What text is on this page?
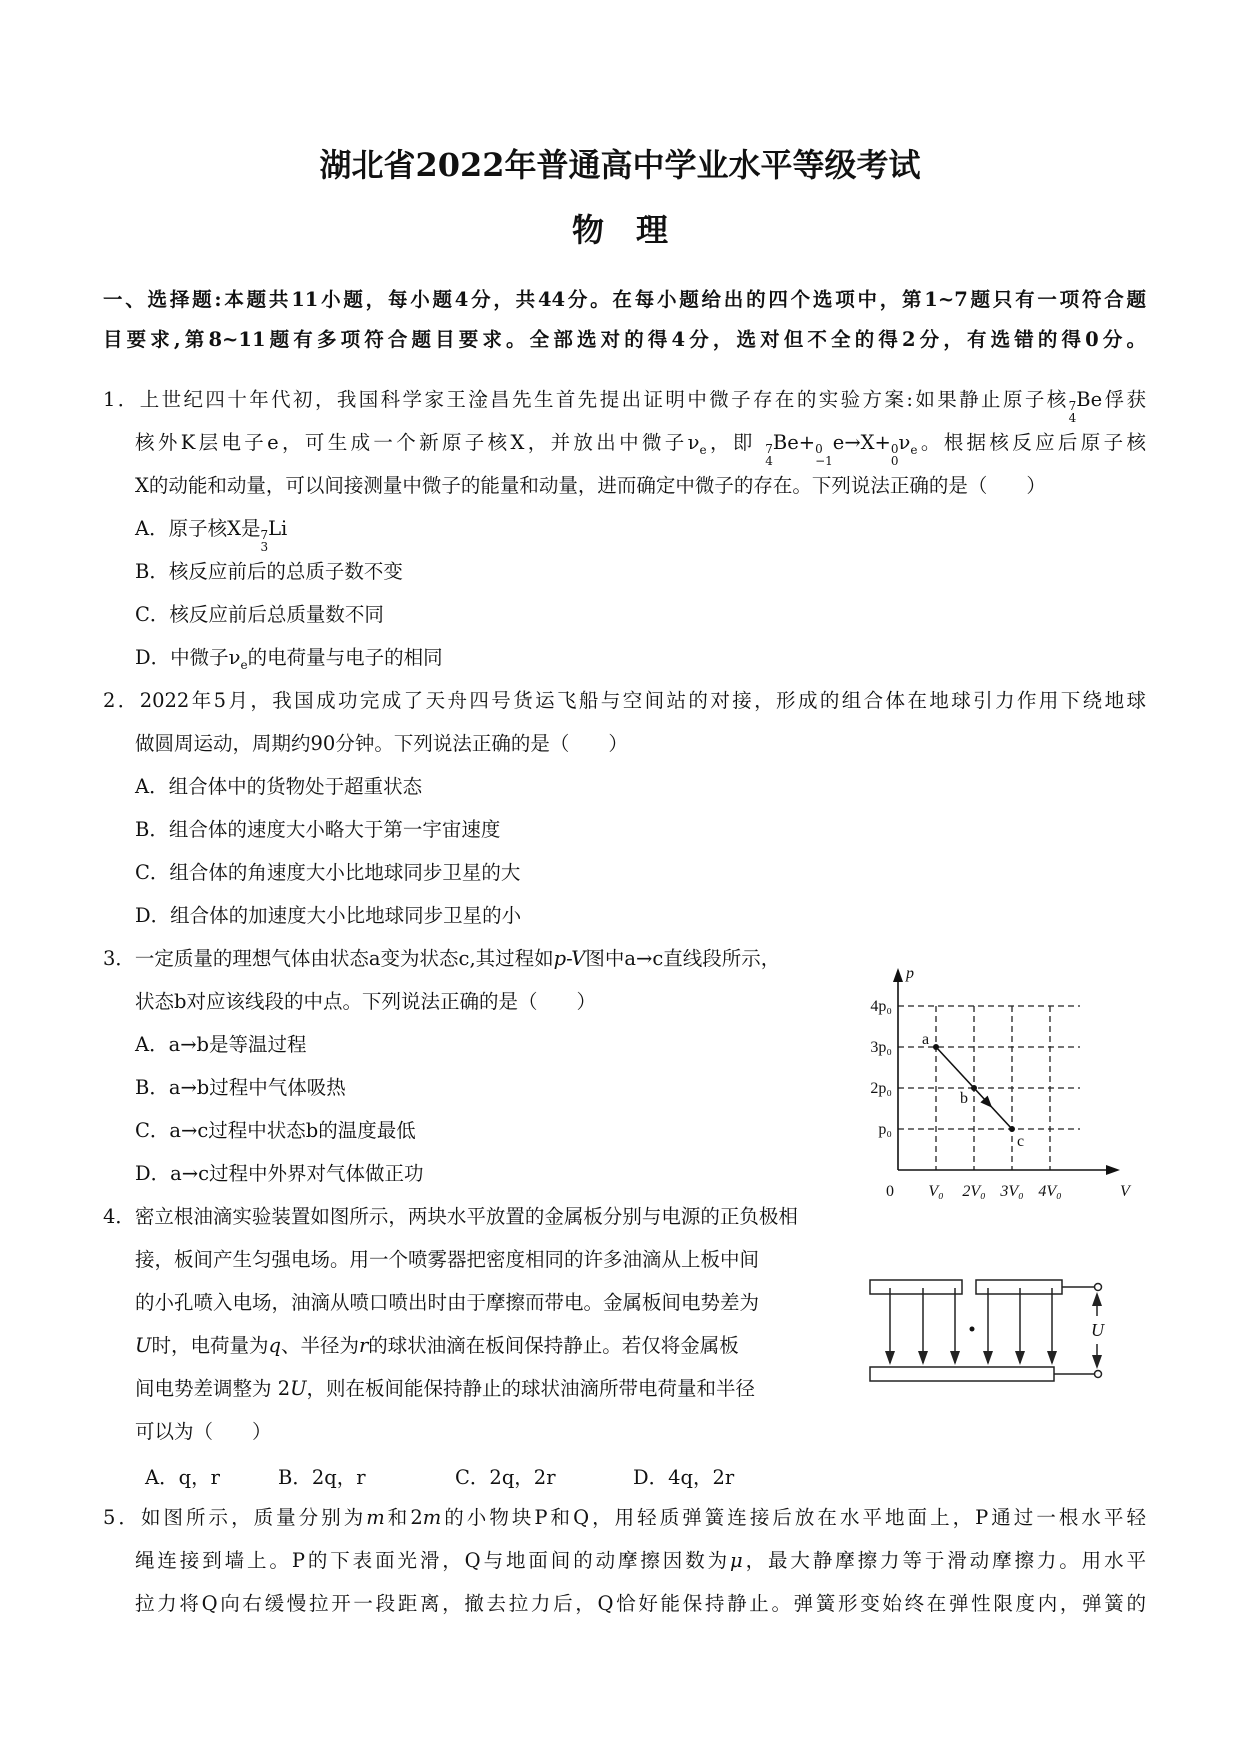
湖北省2022年普通高中学业水平等级考试
物　理
一、选择题:本题共11小题，每小题4分，共44分。在每小题给出的四个选项中，第1~7题只有一项符合题
目要求,第8~11题有多项符合题目要求。全部选对的得4分，选对但不全的得2分，有选错的得0分。
1．上世纪四十年代初，我国科学家王淦昌先生首先提出证明中微子存在的实验方案:如果静止原子核 7
4
Be俘获
核外K层电子e，可生成一个新原子核X，并放出中微子$\nu_e$，即 7
4
Be+ 0
−1
e→X+ 0
0
$\nu_e$。根据核反应后原子核
X的动能和动量，可以间接测量中微子的能量和动量，进而确定中微子的存在。下列说法正确的是（　　）
A．原子核X是 7
3
Li
B．核反应前后的总质子数不变
C．核反应前后总质量数不同
D．中微子$\nu_e$的电荷量与电子的相同
2．2022年5月，我国成功完成了天舟四号货运飞船与空间站的对接，形成的组合体在地球引力作用下绕地球
做圆周运动，周期约90分钟。下列说法正确的是（　　）
A．组合体中的货物处于超重状态
B．组合体的速度大小略大于第一宇宙速度
C．组合体的角速度大小比地球同步卫星的大
D．组合体的加速度大小比地球同步卫星的小
3．一定质量的理想气体由状态a变为状态c,其过程如p-V图中a→c直线段所示，
状态b对应该线段的中点。下列说法正确的是（　　）
A．a→b是等温过程
B．a→b过程中气体吸热
C．a→c过程中状态b的温度最低
D．a→c过程中外界对气体做正功
p
V
0
p₀
2p₀
3p₀
4p₀
V₀ 2V₀ 3V₀ 4V₀
a
b
c
4．密立根油滴实验装置如图所示，两块水平放置的金属板分别与电源的正负极相
接，板间产生匀强电场。用一个喷雾器把密度相同的许多油滴从上板中间
的小孔喷入电场，油滴从喷口喷出时由于摩擦而带电。金属板间电势差为
U时，电荷量为q、半径为r的球状油滴在板间保持静止。若仅将金属板
间电势差调整为 2U，则在板间能保持静止的球状油滴所带电荷量和半径
可以为（　　）
A．q，r	B．2q，r	C．2q，2r	D．4q，2r
U
5．如图所示，质量分别为m和2m的小物块P和Q，用轻质弹簧连接后放在水平地面上，P通过一根水平轻
绳连接到墙上。P的下表面光滑，Q与地面间的动摩擦因数为μ，最大静摩擦力等于滑动摩擦力。用水平
拉力将Q向右缓慢拉开一段距离，撤去拉力后，Q恰好能保持静止。弹簧形变始终在弹性限度内，弹簧的
